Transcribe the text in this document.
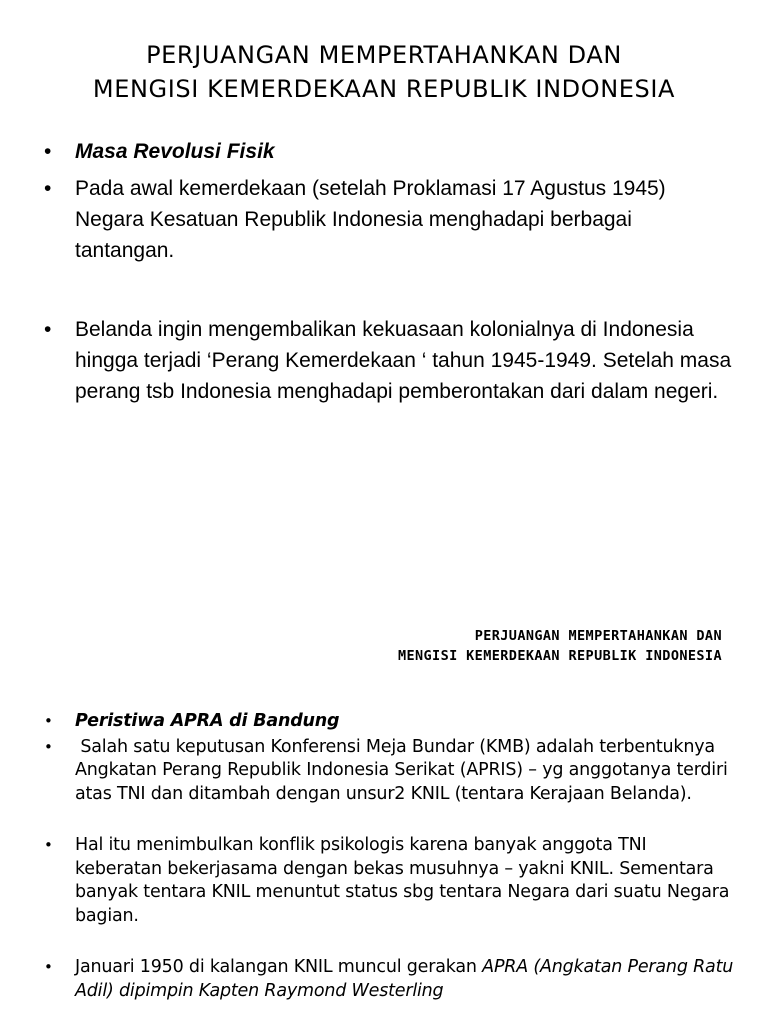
PERJUANGAN MEMPERTAHANKAN DAN
MENGISI KEMERDEKAAN REPUBLIK INDONESIA
• Masa Revolusi Fisik
• Pada awal kemerdekaan (setelah Proklamasi 17 Agustus 1945) Negara Kesatuan Republik Indonesia menghadapi berbagai tantangan.
• Belanda ingin mengembalikan kekuasaan kolonialnya di Indonesia hingga terjadi ‘Perang Kemerdekaan ‘ tahun 1945-1949. Setelah masa perang tsb Indonesia menghadapi pemberontakan dari dalam negeri.
PERJUANGAN MEMPERTAHANKAN DAN
MENGISI KEMERDEKAAN REPUBLIK INDONESIA
• Peristiwa APRA di Bandung
• Salah satu keputusan Konferensi Meja Bundar (KMB) adalah terbentuknya Angkatan Perang Republik Indonesia Serikat (APRIS) – yg anggotanya terdiri atas TNI dan ditambah dengan unsur2 KNIL (tentara Kerajaan Belanda).
• Hal itu menimbulkan konflik psikologis karena banyak anggota TNI keberatan bekerjasama dengan bekas musuhnya – yakni KNIL. Sementara banyak tentara KNIL menuntut status sbg tentara Negara dari suatu Negara bagian.
• Januari 1950 di kalangan KNIL muncul gerakan APRA (Angkatan Perang Ratu Adil) dipimpin Kapten Raymond Westerling
